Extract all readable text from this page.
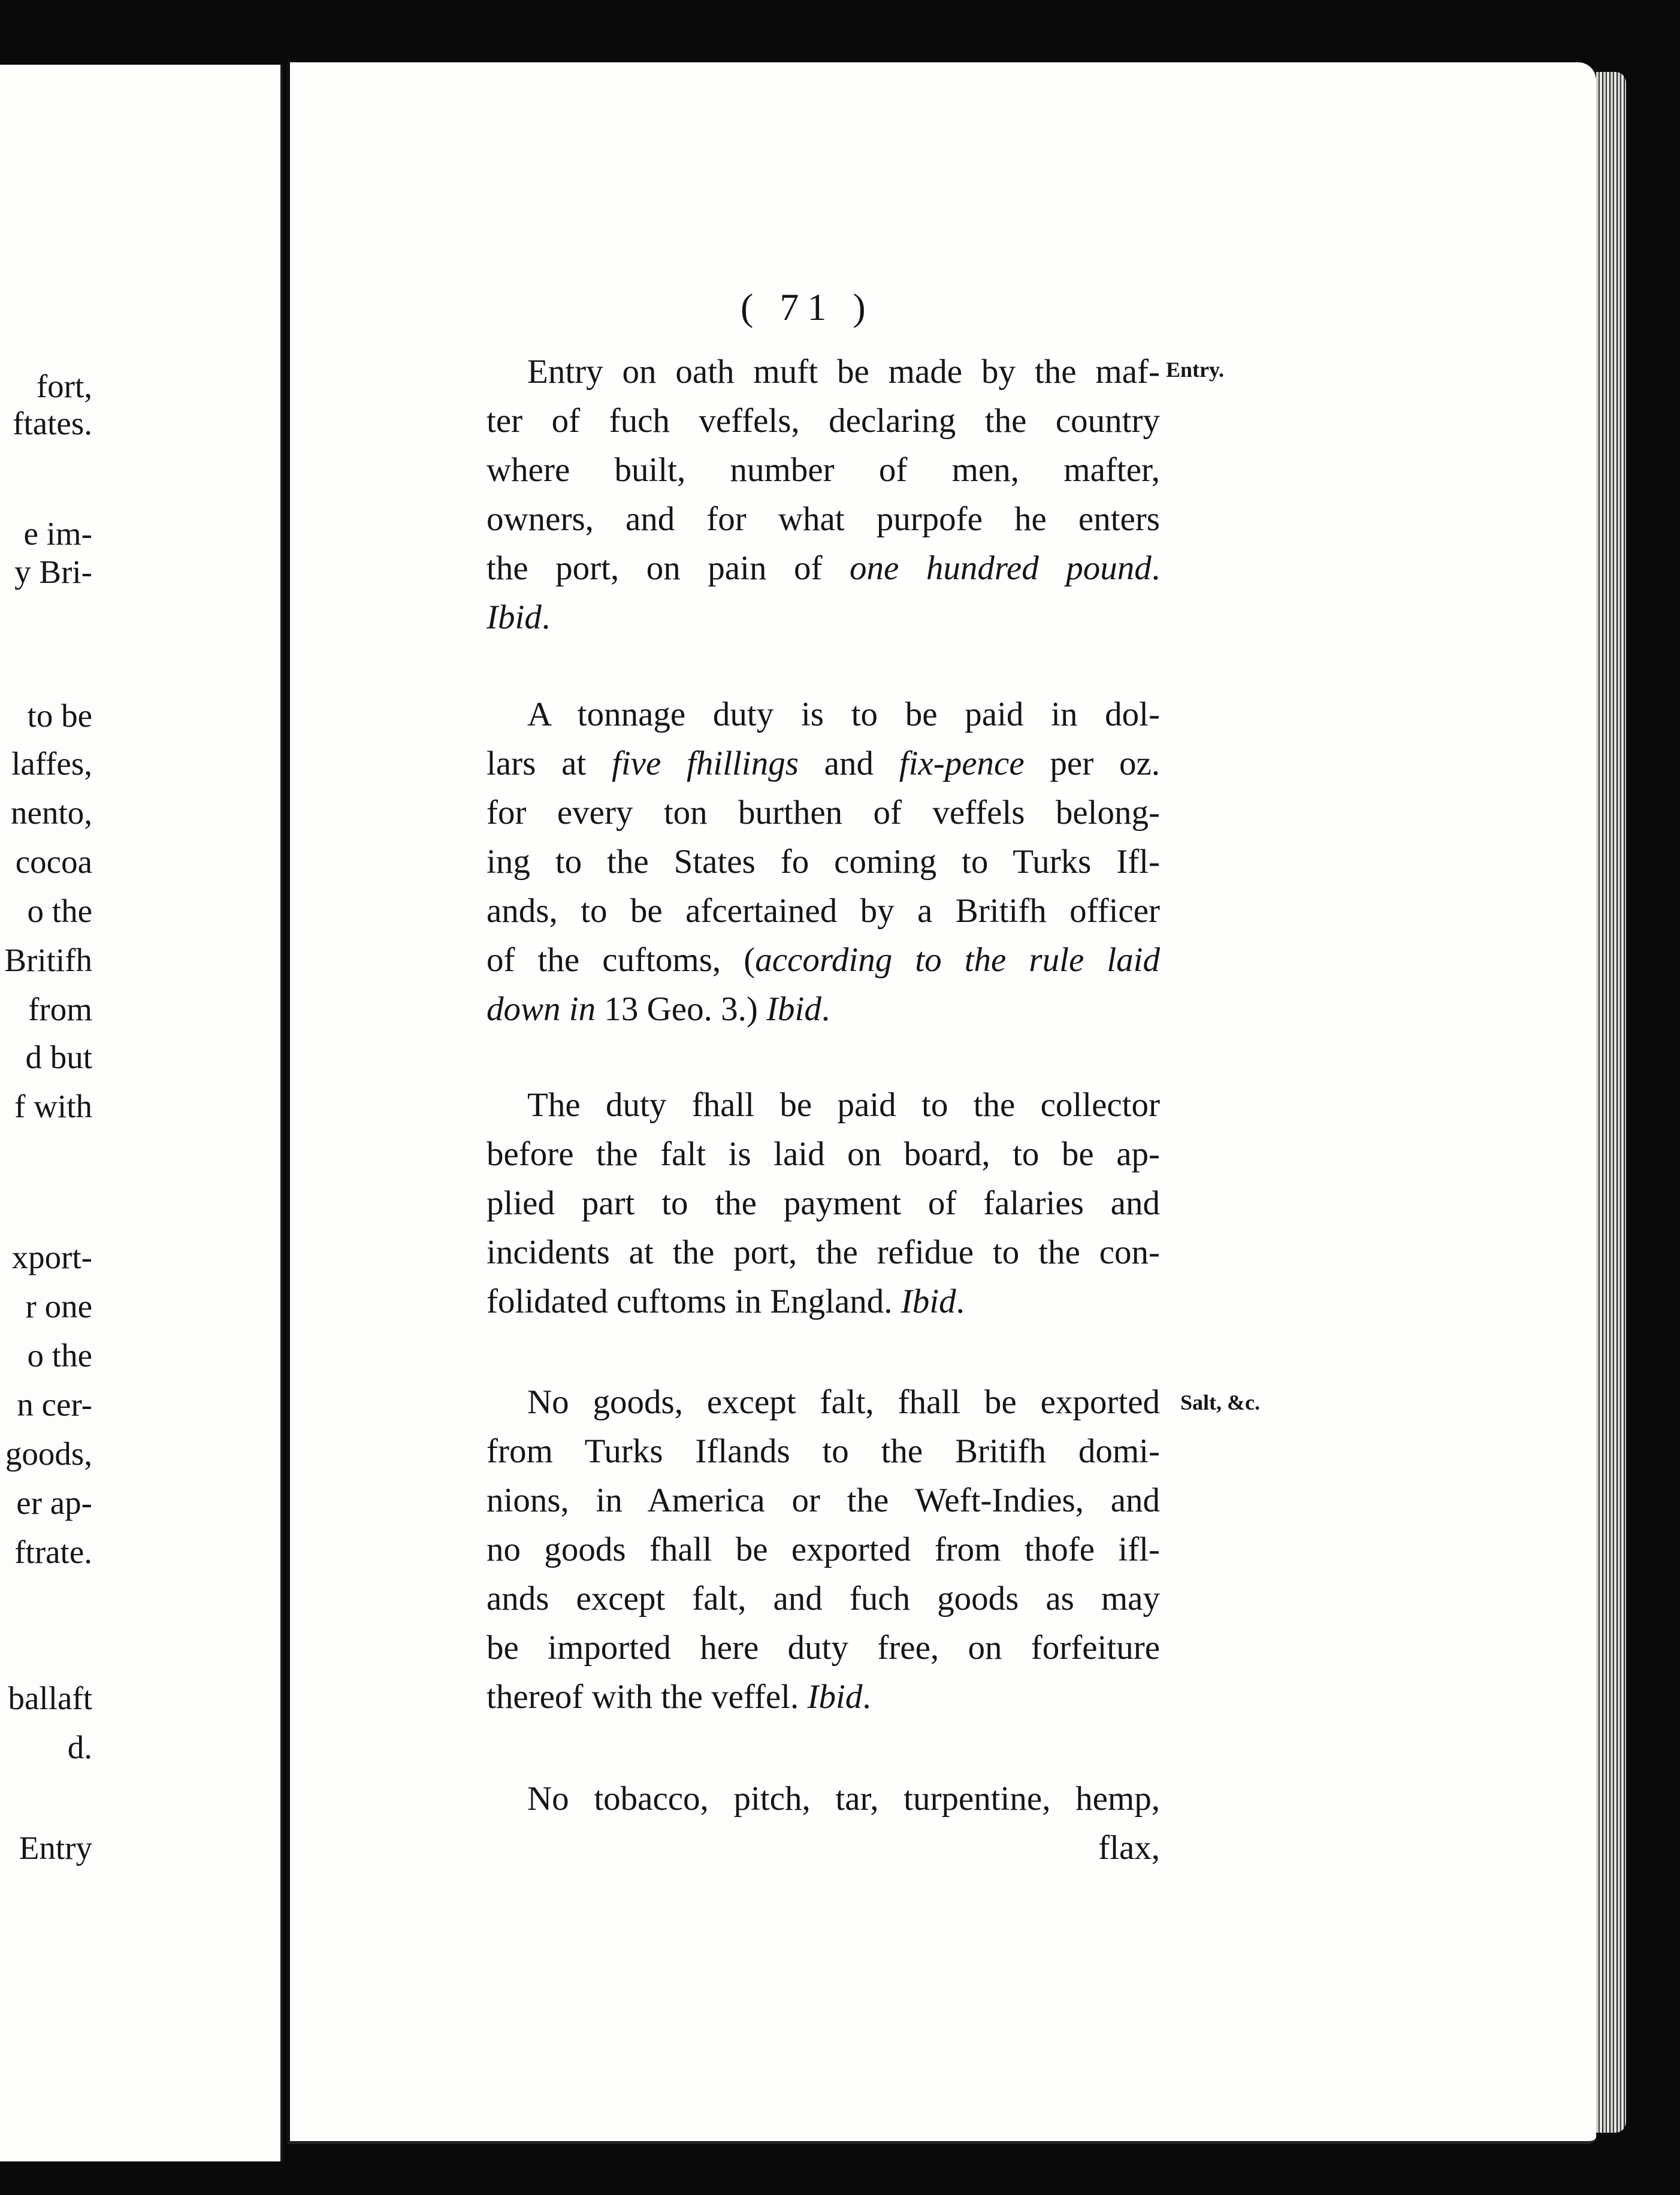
fort,
ftates.
e im-
y Bri-
to be
laffes,
nento,
cocoa
o the
Britifh
from
d but
f with
xport-
r one
o the
n cer-
goods,
er ap-
ftrate.
ballaft
d.
Entry
( 71 )
Entry.
Salt, &c.
Entry on oath muft be made by the maf-
ter of fuch veffels, declaring the country
where built, number of men, mafter,
owners, and for what purpofe he enters
the port, on pain of one hundred pound.
Ibid.
A tonnage duty is to be paid in dol-
lars at five fhillings and fix-pence per oz.
for every ton burthen of veffels belong-
ing to the States fo coming to Turks Ifl-
ands, to be afcertained by a Britifh officer
of the cuftoms, (according to the rule laid
down in 13 Geo. 3.) Ibid.
The duty fhall be paid to the collector
before the falt is laid on board, to be ap-
plied part to the payment of falaries and
incidents at the port, the refidue to the con-
folidated cuftoms in England. Ibid.
No goods, except falt, fhall be exported
from Turks Iflands to the Britifh domi-
nions, in America or the Weft-Indies, and
no goods fhall be exported from thofe ifl-
ands except falt, and fuch goods as may
be imported here duty free, on forfeiture
thereof with the veffel. Ibid.
No tobacco, pitch, tar, turpentine, hemp,
flax,
